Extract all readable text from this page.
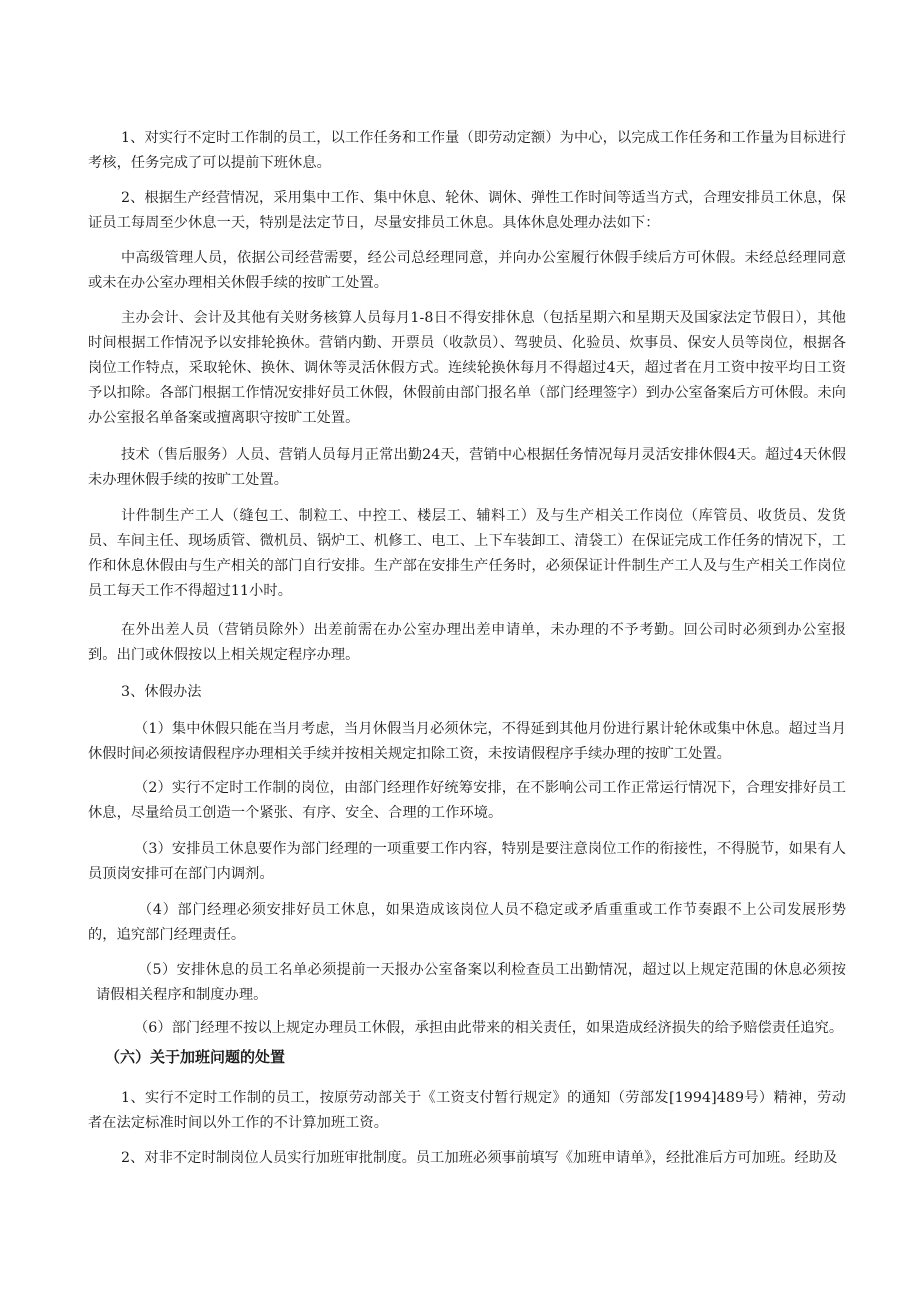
1、对实行不定时工作制的员工，以工作任务和工作量（即劳动定额）为中心，以完成工作任务和工作量为目标进行考核，任务完成了可以提前下班休息。

2、根据生产经营情况，采用集中工作、集中休息、轮休、调休、弹性工作时间等适当方式，合理安排员工休息，保证员工每周至少休息一天，特别是法定节日，尽量安排员工休息。具体休息处理办法如下：

中高级管理人员，依据公司经营需要，经公司总经理同意，并向办公室履行休假手续后方可休假。未经总经理同意或未在办公室办理相关休假手续的按旷工处置。

主办会计、会计及其他有关财务核算人员每月1-8日不得安排休息（包括星期六和星期天及国家法定节假日），其他时间根据工作情况予以安排轮换休。营销内勤、开票员（收款员）、驾驶员、化验员、炊事员、保安人员等岗位，根据各岗位工作特点，采取轮休、换休、调休等灵活休假方式。连续轮换休每月不得超过4天，超过者在月工资中按平均日工资予以扣除。各部门根据工作情况安排好员工休假，休假前由部门报名单（部门经理签字）到办公室备案后方可休假。未向办公室报名单备案或擅离职守按旷工处置。

技术（售后服务）人员、营销人员每月正常出勤24天，营销中心根据任务情况每月灵活安排休假4天。超过4天休假未办理休假手续的按旷工处置。

计件制生产工人（缝包工、制粒工、中控工、楼层工、辅料工）及与生产相关工作岗位（库管员、收货员、发货员、车间主任、现场质管、微机员、锅炉工、机修工、电工、上下车装卸工、清袋工）在保证完成工作任务的情况下，工作和休息休假由与生产相关的部门自行安排。生产部在安排生产任务时，必须保证计件制生产工人及与生产相关工作岗位员工每天工作不得超过11小时。

在外出差人员（营销员除外）出差前需在办公室办理出差申请单，未办理的不予考勤。回公司时必须到办公室报到。出门或休假按以上相关规定程序办理。

3、休假办法

（1）集中休假只能在当月考虑，当月休假当月必须休完，不得延到其他月份进行累计轮休或集中休息。超过当月休假时间必须按请假程序办理相关手续并按相关规定扣除工资，未按请假程序手续办理的按旷工处置。

（2）实行不定时工作制的岗位，由部门经理作好统筹安排，在不影响公司工作正常运行情况下，合理安排好员工休息，尽量给员工创造一个紧张、有序、安全、合理的工作环境。

（3）安排员工休息要作为部门经理的一项重要工作内容，特别是要注意岗位工作的衔接性，不得脱节，如果有人员顶岗安排可在部门内调剂。

（4）部门经理必须安排好员工休息，如果造成该岗位人员不稳定或矛盾重重或工作节奏跟不上公司发展形势的，追究部门经理责任。

（5）安排休息的员工名单必须提前一天报办公室备案以利检查员工出勤情况，超过以上规定范围的休息必须按请假相关程序和制度办理。

（6）部门经理不按以上规定办理员工休假，承担由此带来的相关责任，如果造成经济损失的给予赔偿责任追究。

（六）关于加班问题的处置

1、实行不定时工作制的员工，按原劳动部关于《工资支付暂行规定》的通知（劳部发[1994]489号）精神，劳动者在法定标准时间以外工作的不计算加班工资。

2、对非不定时制岗位人员实行加班审批制度。员工加班必须事前填写《加班申请单》，经批准后方可加班。经助及
